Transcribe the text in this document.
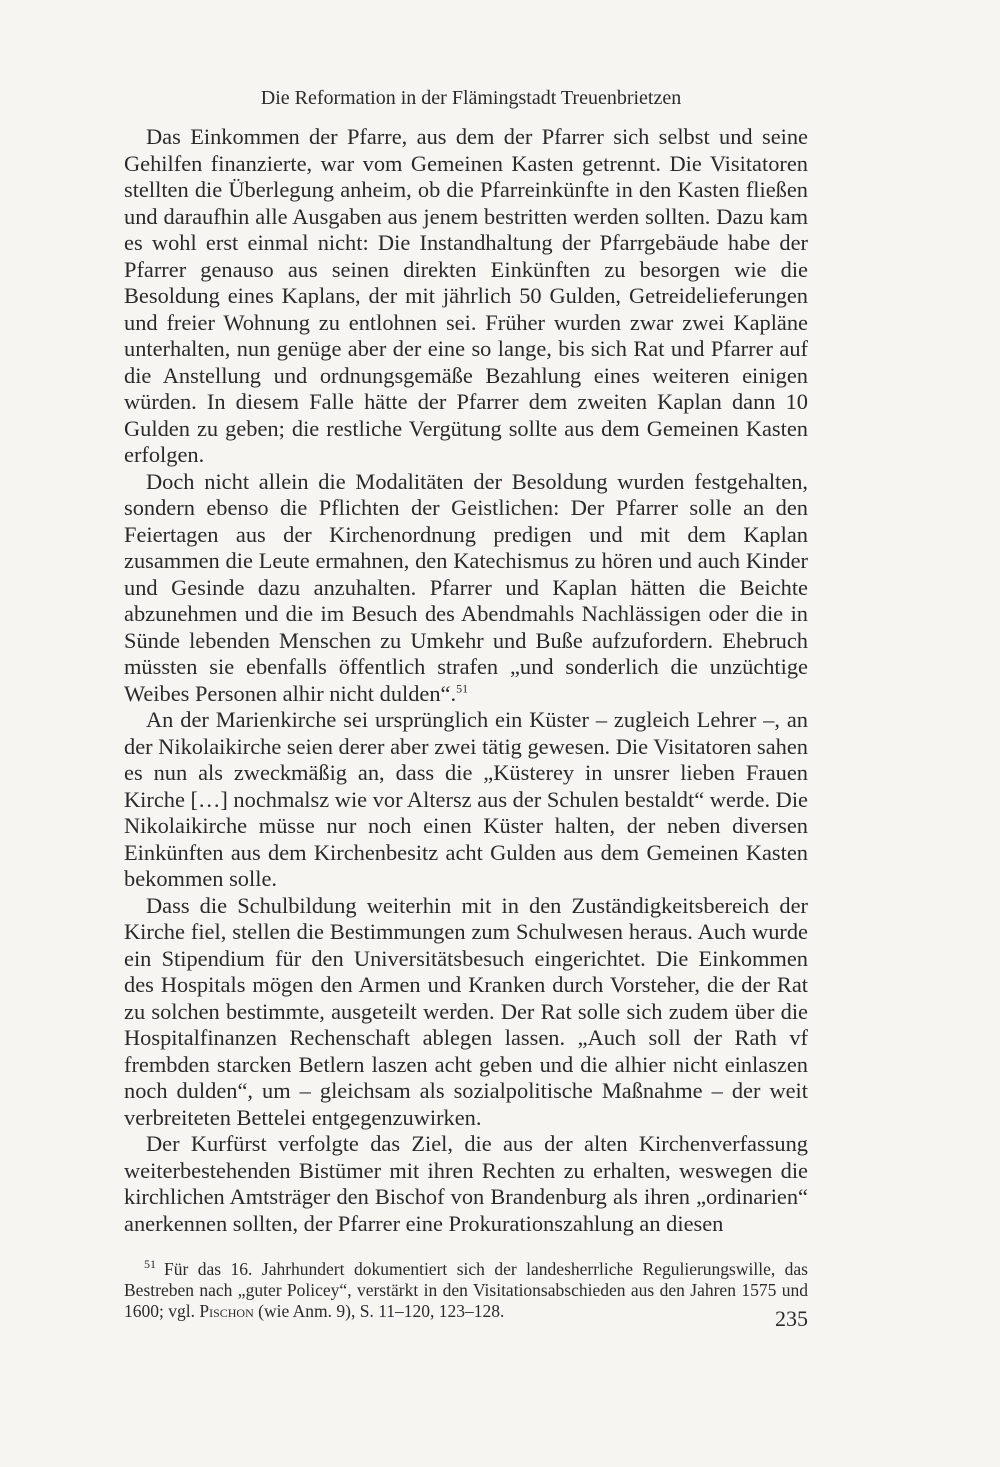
Die Reformation in der Flämingstadt Treuenbrietzen

Das Einkommen der Pfarre, aus dem der Pfarrer sich selbst und seine Gehilfen finanzierte, war vom Gemeinen Kasten getrennt. Die Visitatoren stellten die Überlegung anheim, ob die Pfarreinkünfte in den Kasten fließen und daraufhin alle Ausgaben aus jenem bestritten werden sollten. Dazu kam es wohl erst einmal nicht: Die Instandhaltung der Pfarrgebäude habe der Pfarrer genauso aus seinen direkten Einkünften zu besorgen wie die Besoldung eines Kaplans, der mit jährlich 50 Gulden, Getreidelieferungen und freier Wohnung zu entlohnen sei. Früher wurden zwar zwei Kapläne unterhalten, nun genüge aber der eine so lange, bis sich Rat und Pfarrer auf die Anstellung und ordnungsgemäße Bezahlung eines weiteren einigen würden. In diesem Falle hätte der Pfarrer dem zweiten Kaplan dann 10 Gulden zu geben; die restliche Vergütung sollte aus dem Gemeinen Kasten erfolgen.

Doch nicht allein die Modalitäten der Besoldung wurden festgehalten, sondern ebenso die Pflichten der Geistlichen: Der Pfarrer solle an den Feiertagen aus der Kirchenordnung predigen und mit dem Kaplan zusammen die Leute ermahnen, den Katechismus zu hören und auch Kinder und Gesinde dazu anzuhalten. Pfarrer und Kaplan hätten die Beichte abzunehmen und die im Besuch des Abendmahls Nachlässigen oder die in Sünde lebenden Menschen zu Umkehr und Buße aufzufordern. Ehebruch müssten sie ebenfalls öffentlich strafen „und sonderlich die unzüchtige Weibes Personen alhir nicht dulden“.$^{51}$

An der Marienkirche sei ursprünglich ein Küster – zugleich Lehrer –, an der Nikolaikirche seien derer aber zwei tätig gewesen. Die Visitatoren sahen es nun als zweckmäßig an, dass die „Küsterey in unsrer lieben Frauen Kirche […] nochmalsz wie vor Altersz aus der Schulen bestaldt“ werde. Die Nikolaikirche müsse nur noch einen Küster halten, der neben diversen Einkünften aus dem Kirchenbesitz acht Gulden aus dem Gemeinen Kasten bekommen solle.

Dass die Schulbildung weiterhin mit in den Zuständigkeitsbereich der Kirche fiel, stellen die Bestimmungen zum Schulwesen heraus. Auch wurde ein Stipendium für den Universitätsbesuch eingerichtet. Die Einkommen des Hospitals mögen den Armen und Kranken durch Vorsteher, die der Rat zu solchen bestimmte, ausgeteilt werden. Der Rat solle sich zudem über die Hospitalfinanzen Rechenschaft ablegen lassen. „Auch soll der Rath vf frembden starcken Betlern laszen acht geben und die alhier nicht einlaszen noch dulden“, um – gleichsam als sozialpolitische Maßnahme – der weit verbreiteten Bettelei entgegenzuwirken.

Der Kurfürst verfolgte das Ziel, die aus der alten Kirchenverfassung weiterbestehenden Bistümer mit ihren Rechten zu erhalten, weswegen die kirchlichen Amtsträger den Bischof von Brandenburg als ihren „ordinarien“ anerkennen sollten, der Pfarrer eine Prokurationszahlung an diesen

$^{51}$ Für das 16. Jahrhundert dokumentiert sich der landesherrliche Regulierungswille, das Bestreben nach „guter Policey“, verstärkt in den Visitationsabschieden aus den Jahren 1575 und 1600; vgl. Pischon (wie Anm. 9), S. 11–120, 123–128.	235
